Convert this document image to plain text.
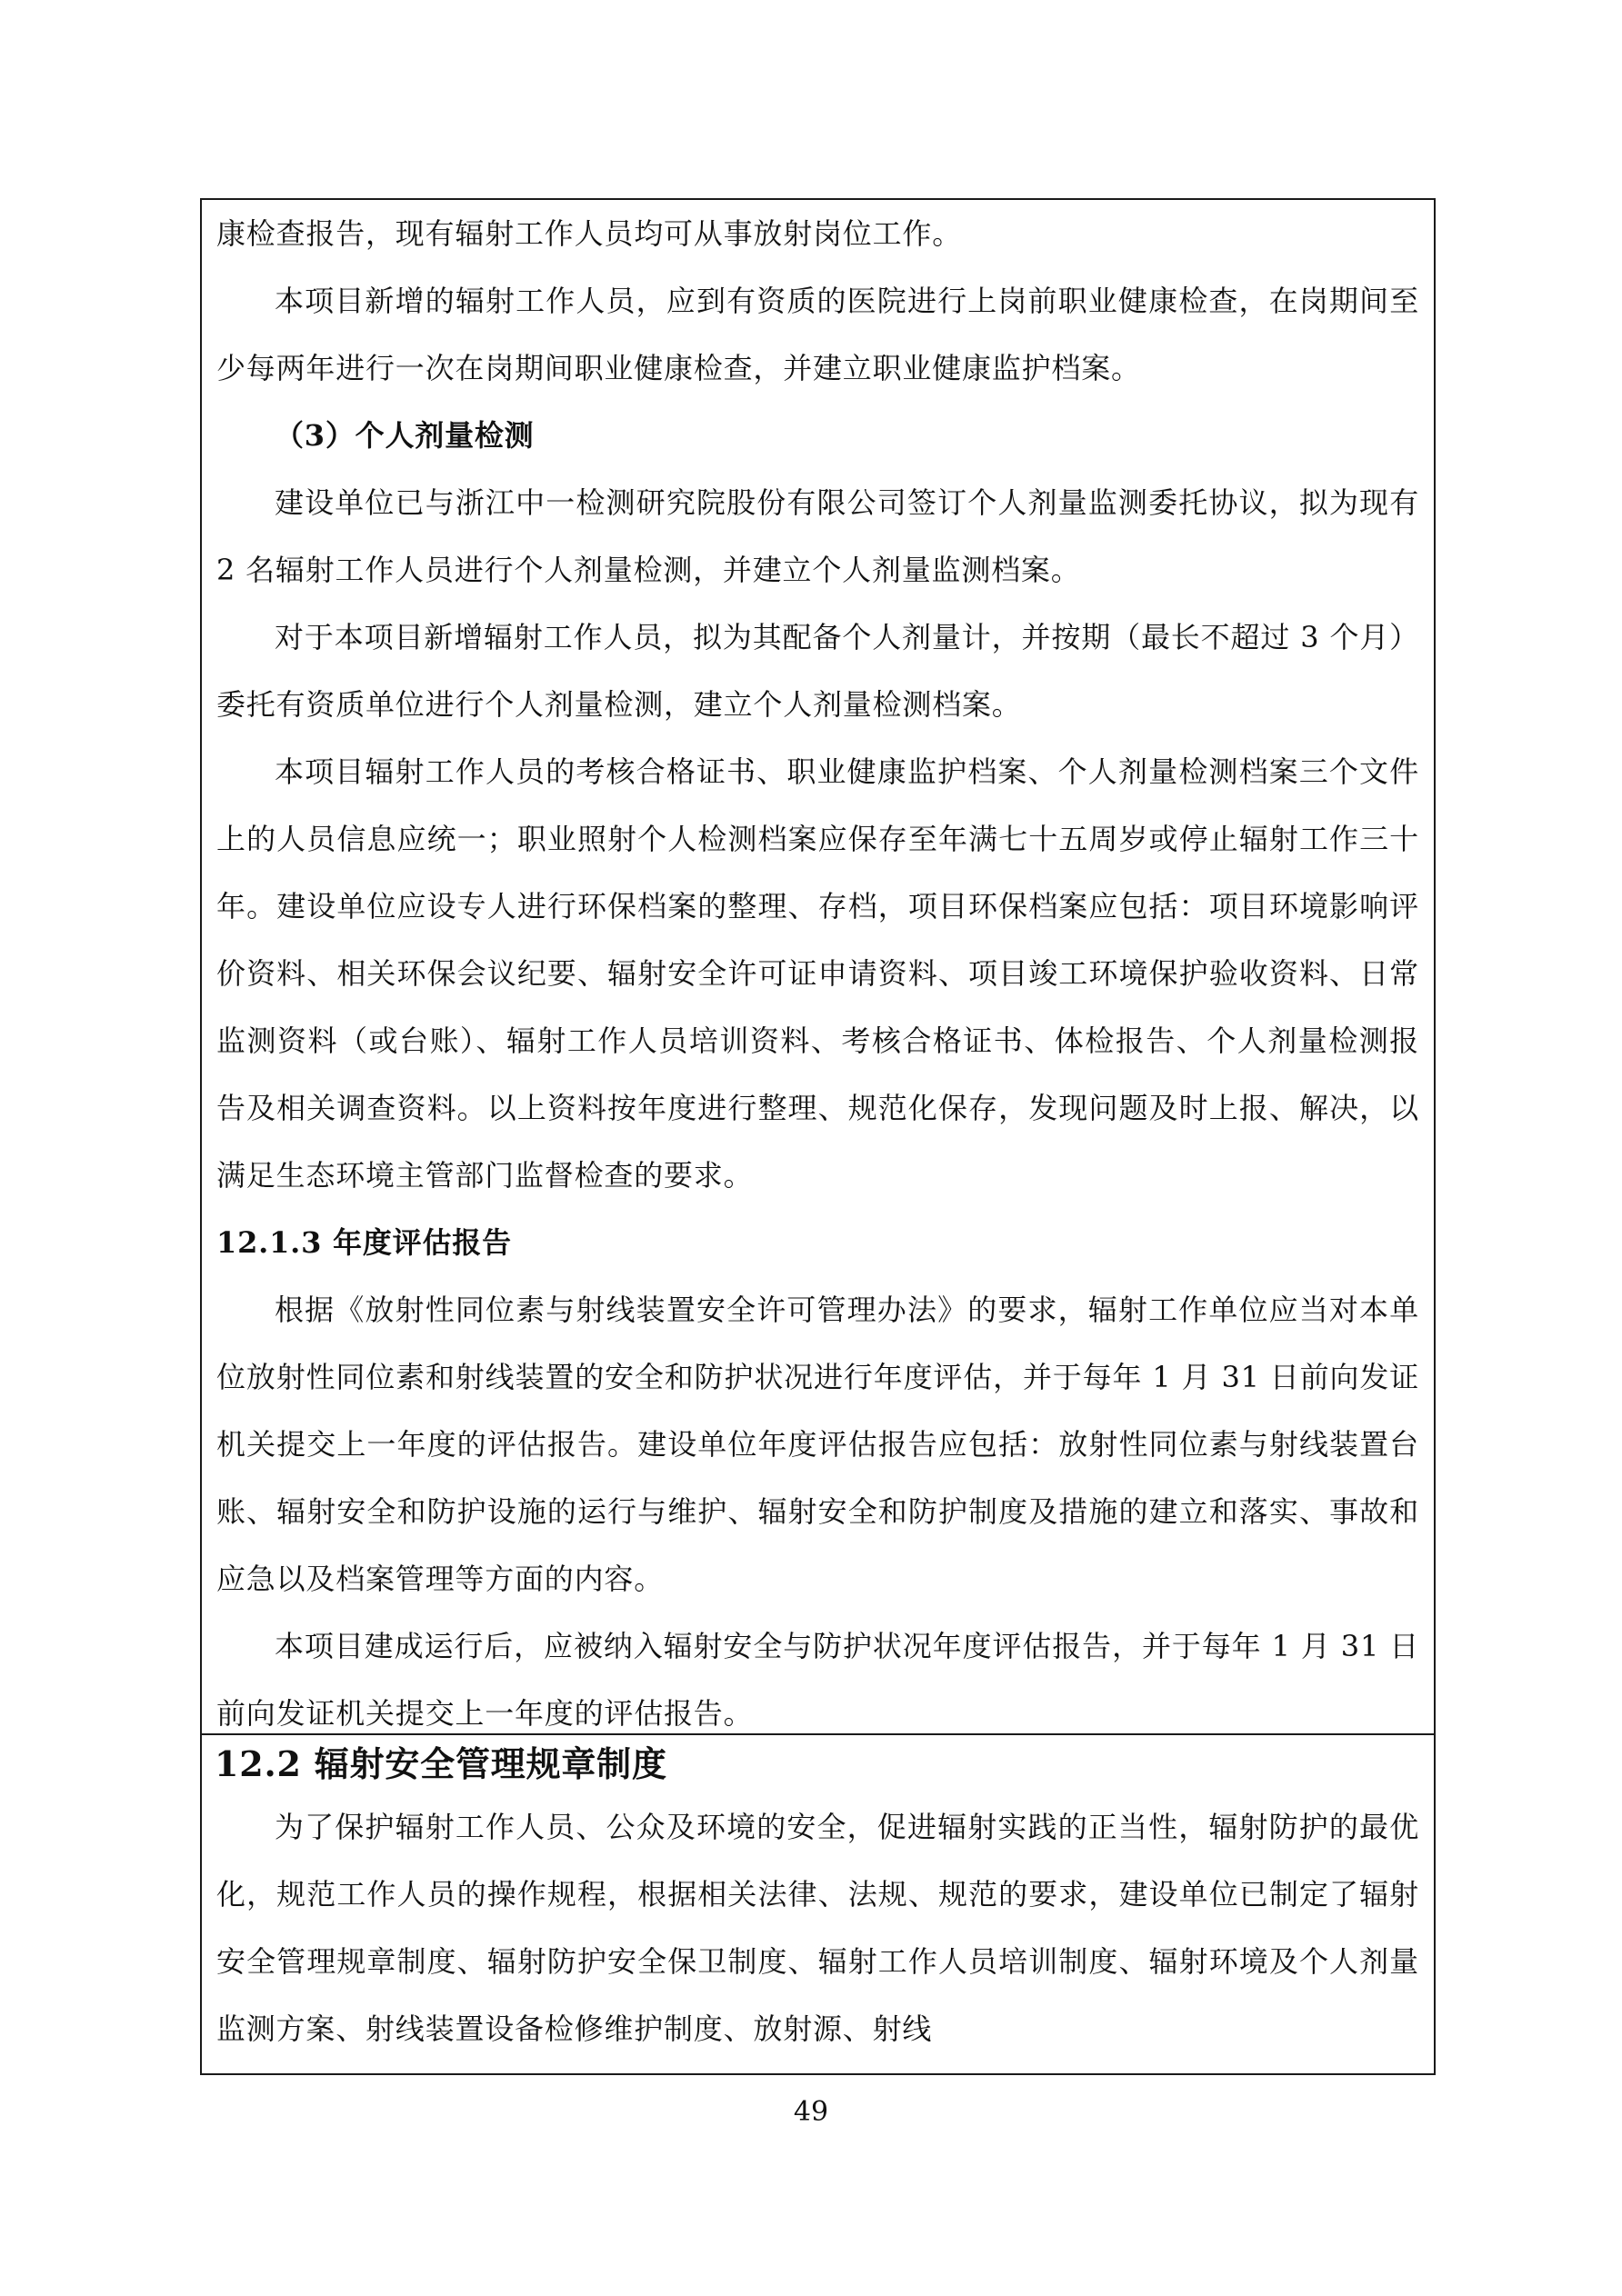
康检查报告，现有辐射工作人员均可从事放射岗位工作。

本项目新增的辐射工作人员，应到有资质的医院进行上岗前职业健康检查，在岗期间至少每两年进行一次在岗期间职业健康检查，并建立职业健康监护档案。

（3）个人剂量检测

建设单位已与浙江中一检测研究院股份有限公司签订个人剂量监测委托协议，拟为现有 2 名辐射工作人员进行个人剂量检测，并建立个人剂量监测档案。

对于本项目新增辐射工作人员，拟为其配备个人剂量计，并按期（最长不超过 3 个月）委托有资质单位进行个人剂量检测，建立个人剂量检测档案。

本项目辐射工作人员的考核合格证书、职业健康监护档案、个人剂量检测档案三个文件上的人员信息应统一；职业照射个人检测档案应保存至年满七十五周岁或停止辐射工作三十年。建设单位应设专人进行环保档案的整理、存档，项目环保档案应包括：项目环境影响评价资料、相关环保会议纪要、辐射安全许可证申请资料、项目竣工环境保护验收资料、日常监测资料（或台账）、辐射工作人员培训资料、考核合格证书、体检报告、个人剂量检测报告及相关调查资料。以上资料按年度进行整理、规范化保存，发现问题及时上报、解决，以满足生态环境主管部门监督检查的要求。

12.1.3 年度评估报告

根据《放射性同位素与射线装置安全许可管理办法》的要求，辐射工作单位应当对本单位放射性同位素和射线装置的安全和防护状况进行年度评估，并于每年 1 月 31 日前向发证机关提交上一年度的评估报告。建设单位年度评估报告应包括：放射性同位素与射线装置台账、辐射安全和防护设施的运行与维护、辐射安全和防护制度及措施的建立和落实、事故和应急以及档案管理等方面的内容。

本项目建成运行后，应被纳入辐射安全与防护状况年度评估报告，并于每年 1 月 31 日前向发证机关提交上一年度的评估报告。

12.2 辐射安全管理规章制度

为了保护辐射工作人员、公众及环境的安全，促进辐射实践的正当性，辐射防护的最优化，规范工作人员的操作规程，根据相关法律、法规、规范的要求，建设单位已制定了辐射安全管理规章制度、辐射防护安全保卫制度、辐射工作人员培训制度、辐射环境及个人剂量监测方案、射线装置设备检修维护制度、放射源、射线

49
